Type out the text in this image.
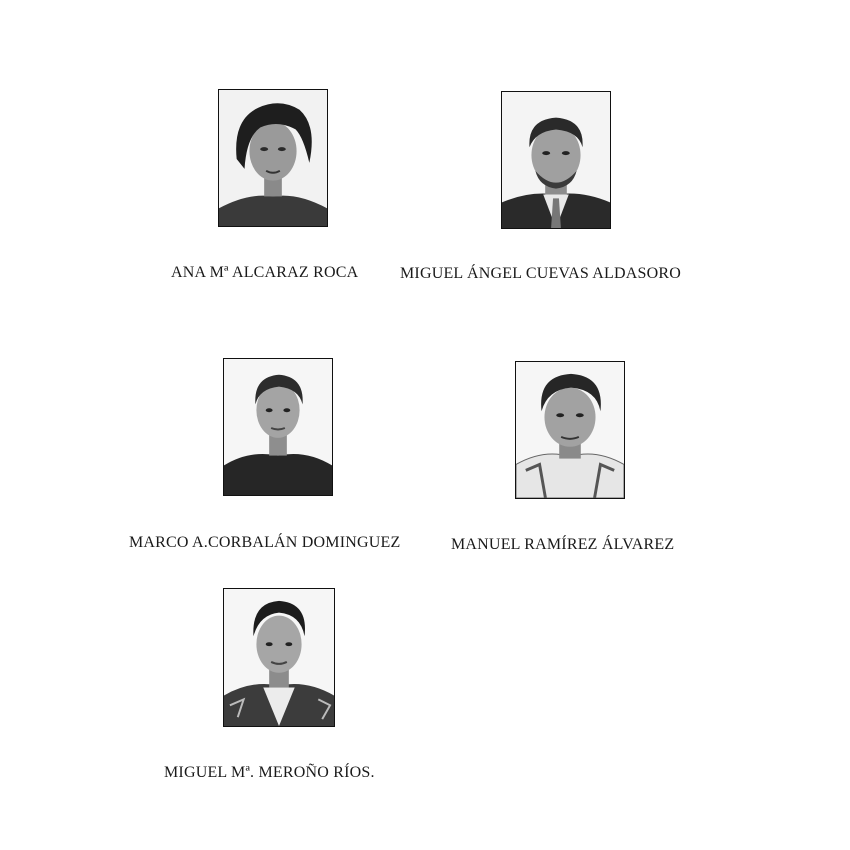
ANA Mª ALCARAZ ROCA	MIGUEL ÁNGEL CUEVAS ALDASORO
MARCO A.CORBALÁN DOMINGUEZ	MANUEL RAMÍREZ ÁLVAREZ
MIGUEL Mª. MEROÑO RÍOS.
